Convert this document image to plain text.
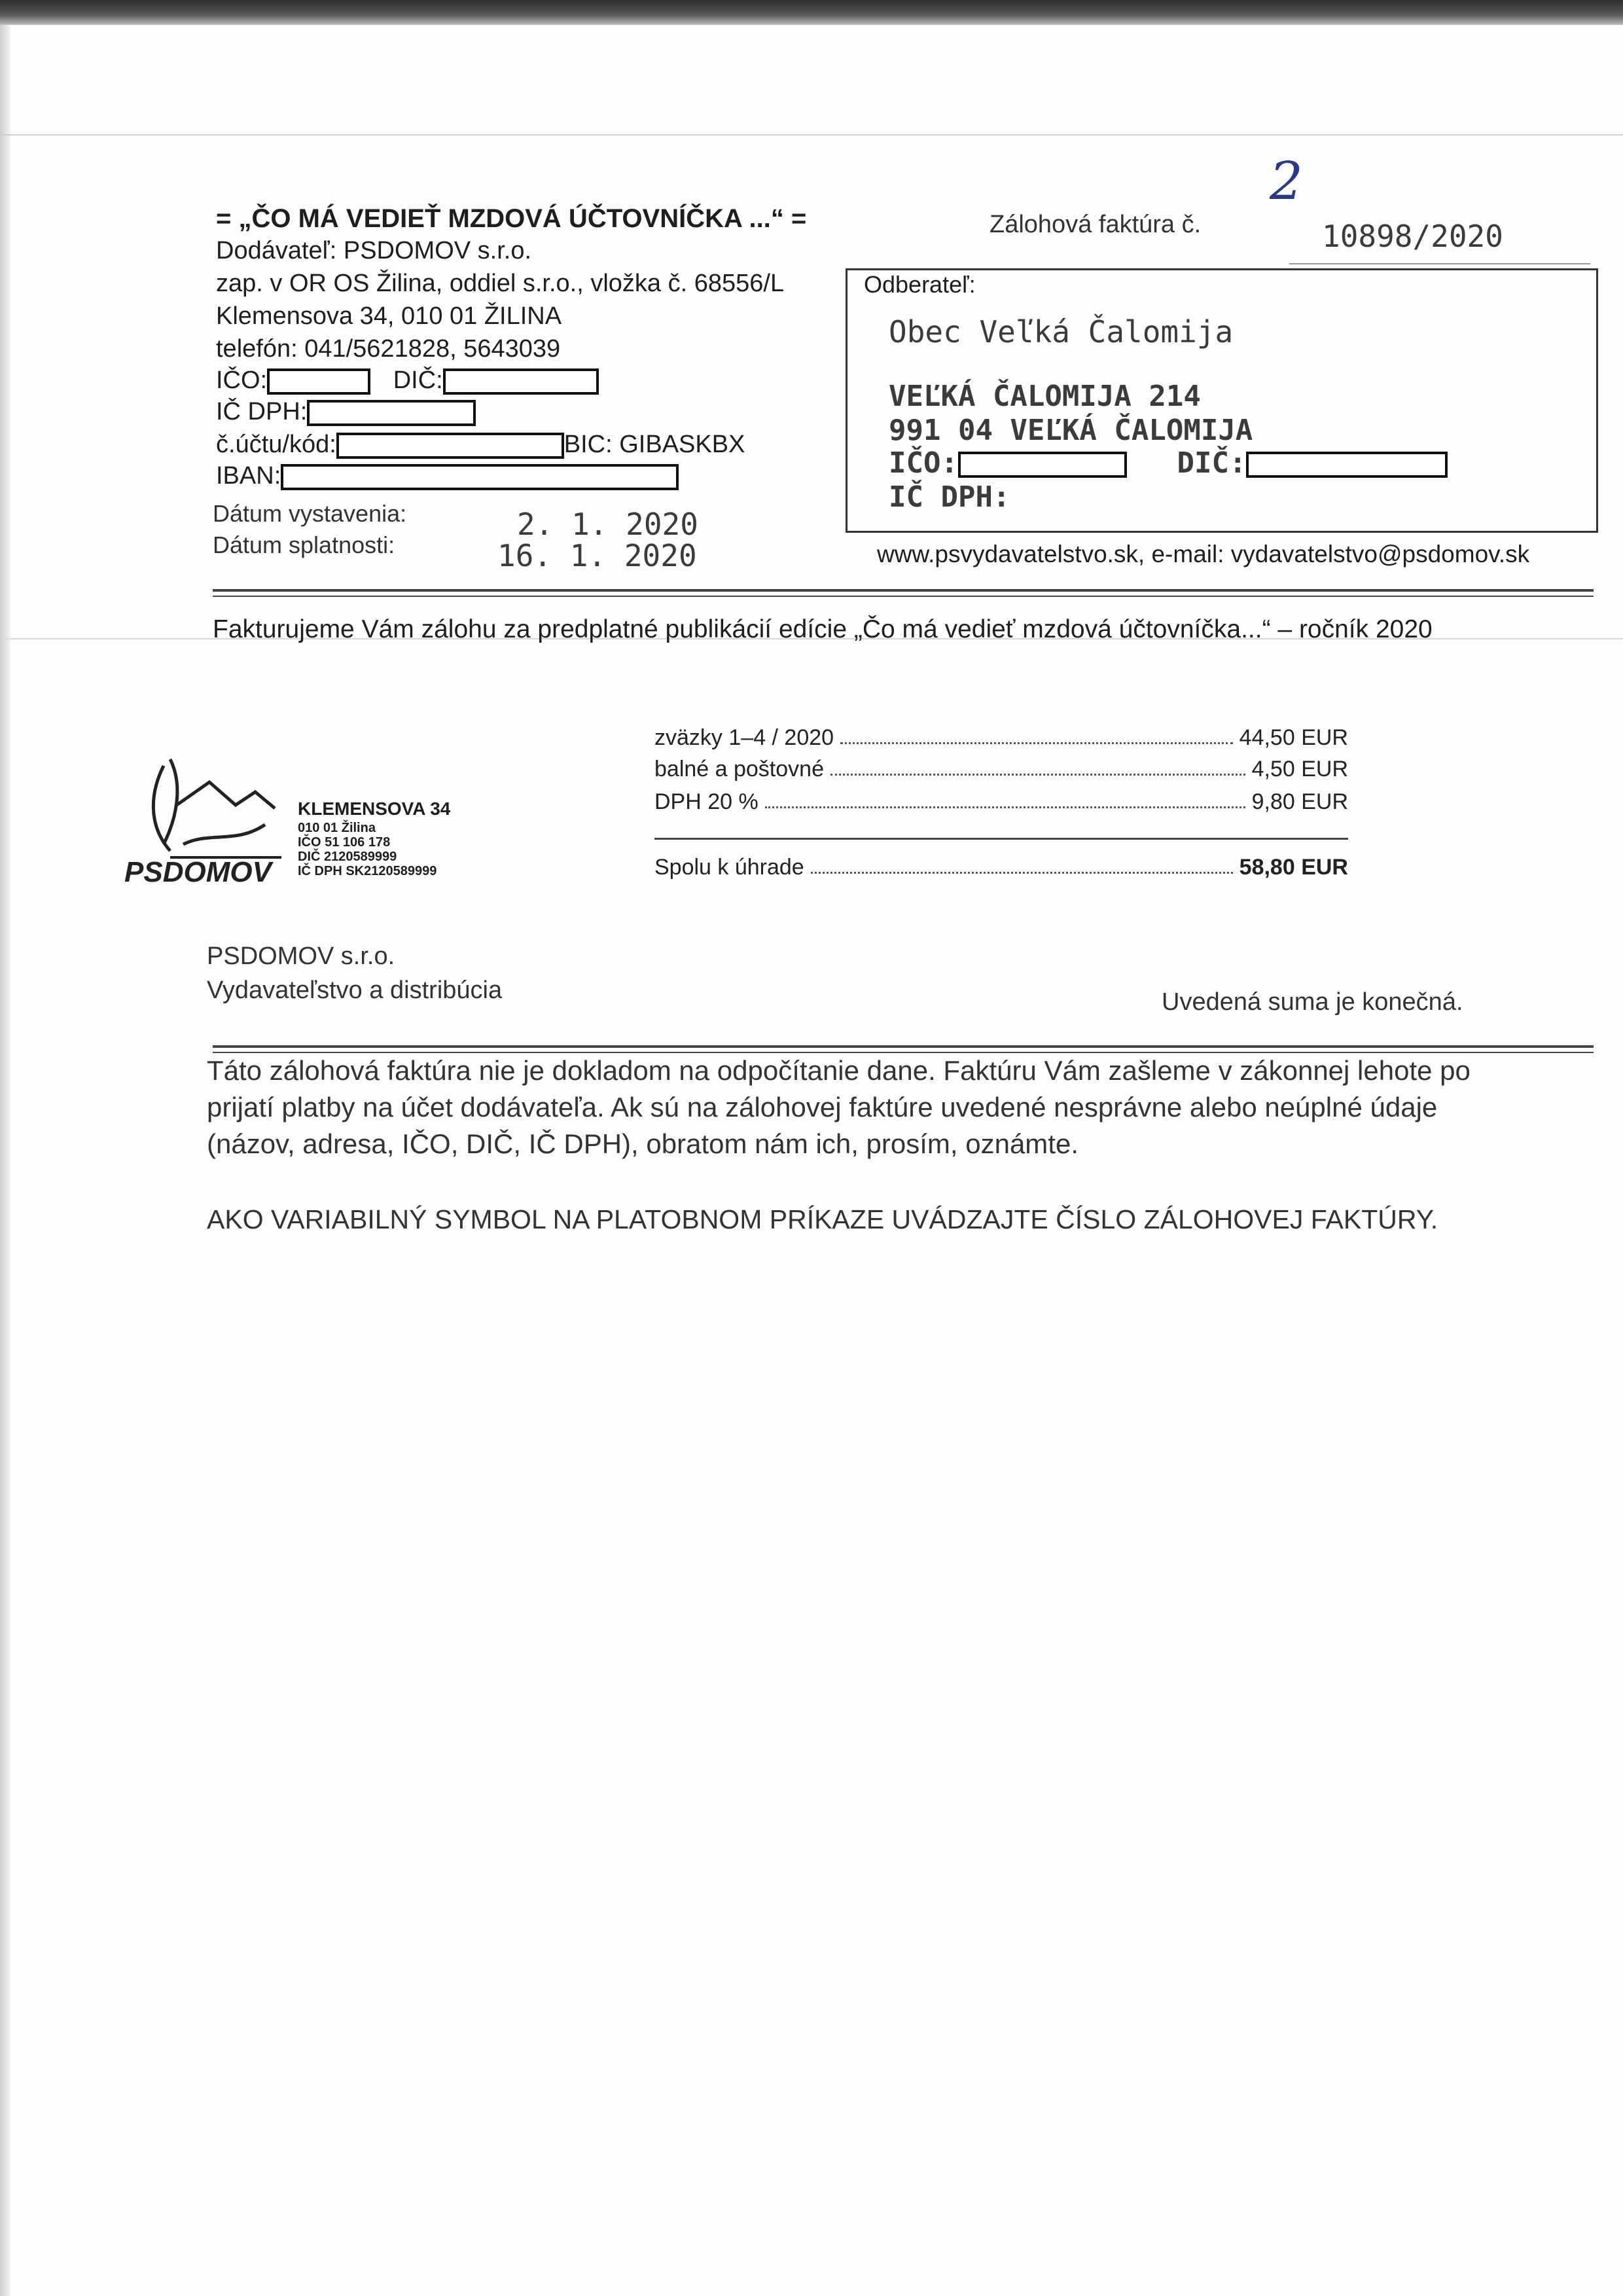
2

= „ČO MÁ VEDIEŤ MZDOVÁ ÚČTOVNÍČKA ...“ =

Dodávateľ: PSDOMOV s.r.o.

zap. v OR OS Žilina, oddiel s.r.o., vložka č. 68556/L

Klemensova 34, 010 01 ŽILINA

telefón: 041/5621828, 5643039

IČO:	DIČ:

IČ DPH:

č.účtu/kód:	BIC: GIBASKBX

IBAN:

Dátum vystavenia:	2. 1. 2020

Dátum splatnosti:	16. 1. 2020

Zálohová faktúra č.	10898/2020

Odberateľ:

Obec Veľká Čalomija

VEĽKÁ ČALOMIJA 214

991 04 VEĽKÁ ČALOMIJA

IČO:	DIČ:

IČ DPH:

www.psvydavatelstvo.sk, e-mail: vydavatelstvo@psdomov.sk

Fakturujeme Vám zálohu za predplatné publikácií edície „Čo má vedieť mzdová účtovníčka...“ – ročník 2020

zväzky 1–4 / 2020	44,50 EUR
balné a poštovné	4,50 EUR
DPH 20 %	9,80 EUR
Spolu k úhrade	58,80 EUR

PSDOMOV

KLEMENSOVA 34

010 01 Žilina

IČO 51 106 178

DIČ 2120589999

IČ DPH SK2120589999

PSDOMOV s.r.o.

Vydavateľstvo a distribúcia	Uvedená suma je konečná.

Táto zálohová faktúra nie je dokladom na odpočítanie dane. Faktúru Vám zašleme v zákonnej lehote po

prijatí platby na účet dodávateľa. Ak sú na zálohovej faktúre uvedené nesprávne alebo neúplné údaje

(názov, adresa, IČO, DIČ, IČ DPH), obratom nám ich, prosím, oznámte.

AKO VARIABILNÝ SYMBOL NA PLATOBNOM PRÍKAZE UVÁDZAJTE ČÍSLO ZÁLOHOVEJ FAKTÚRY.
